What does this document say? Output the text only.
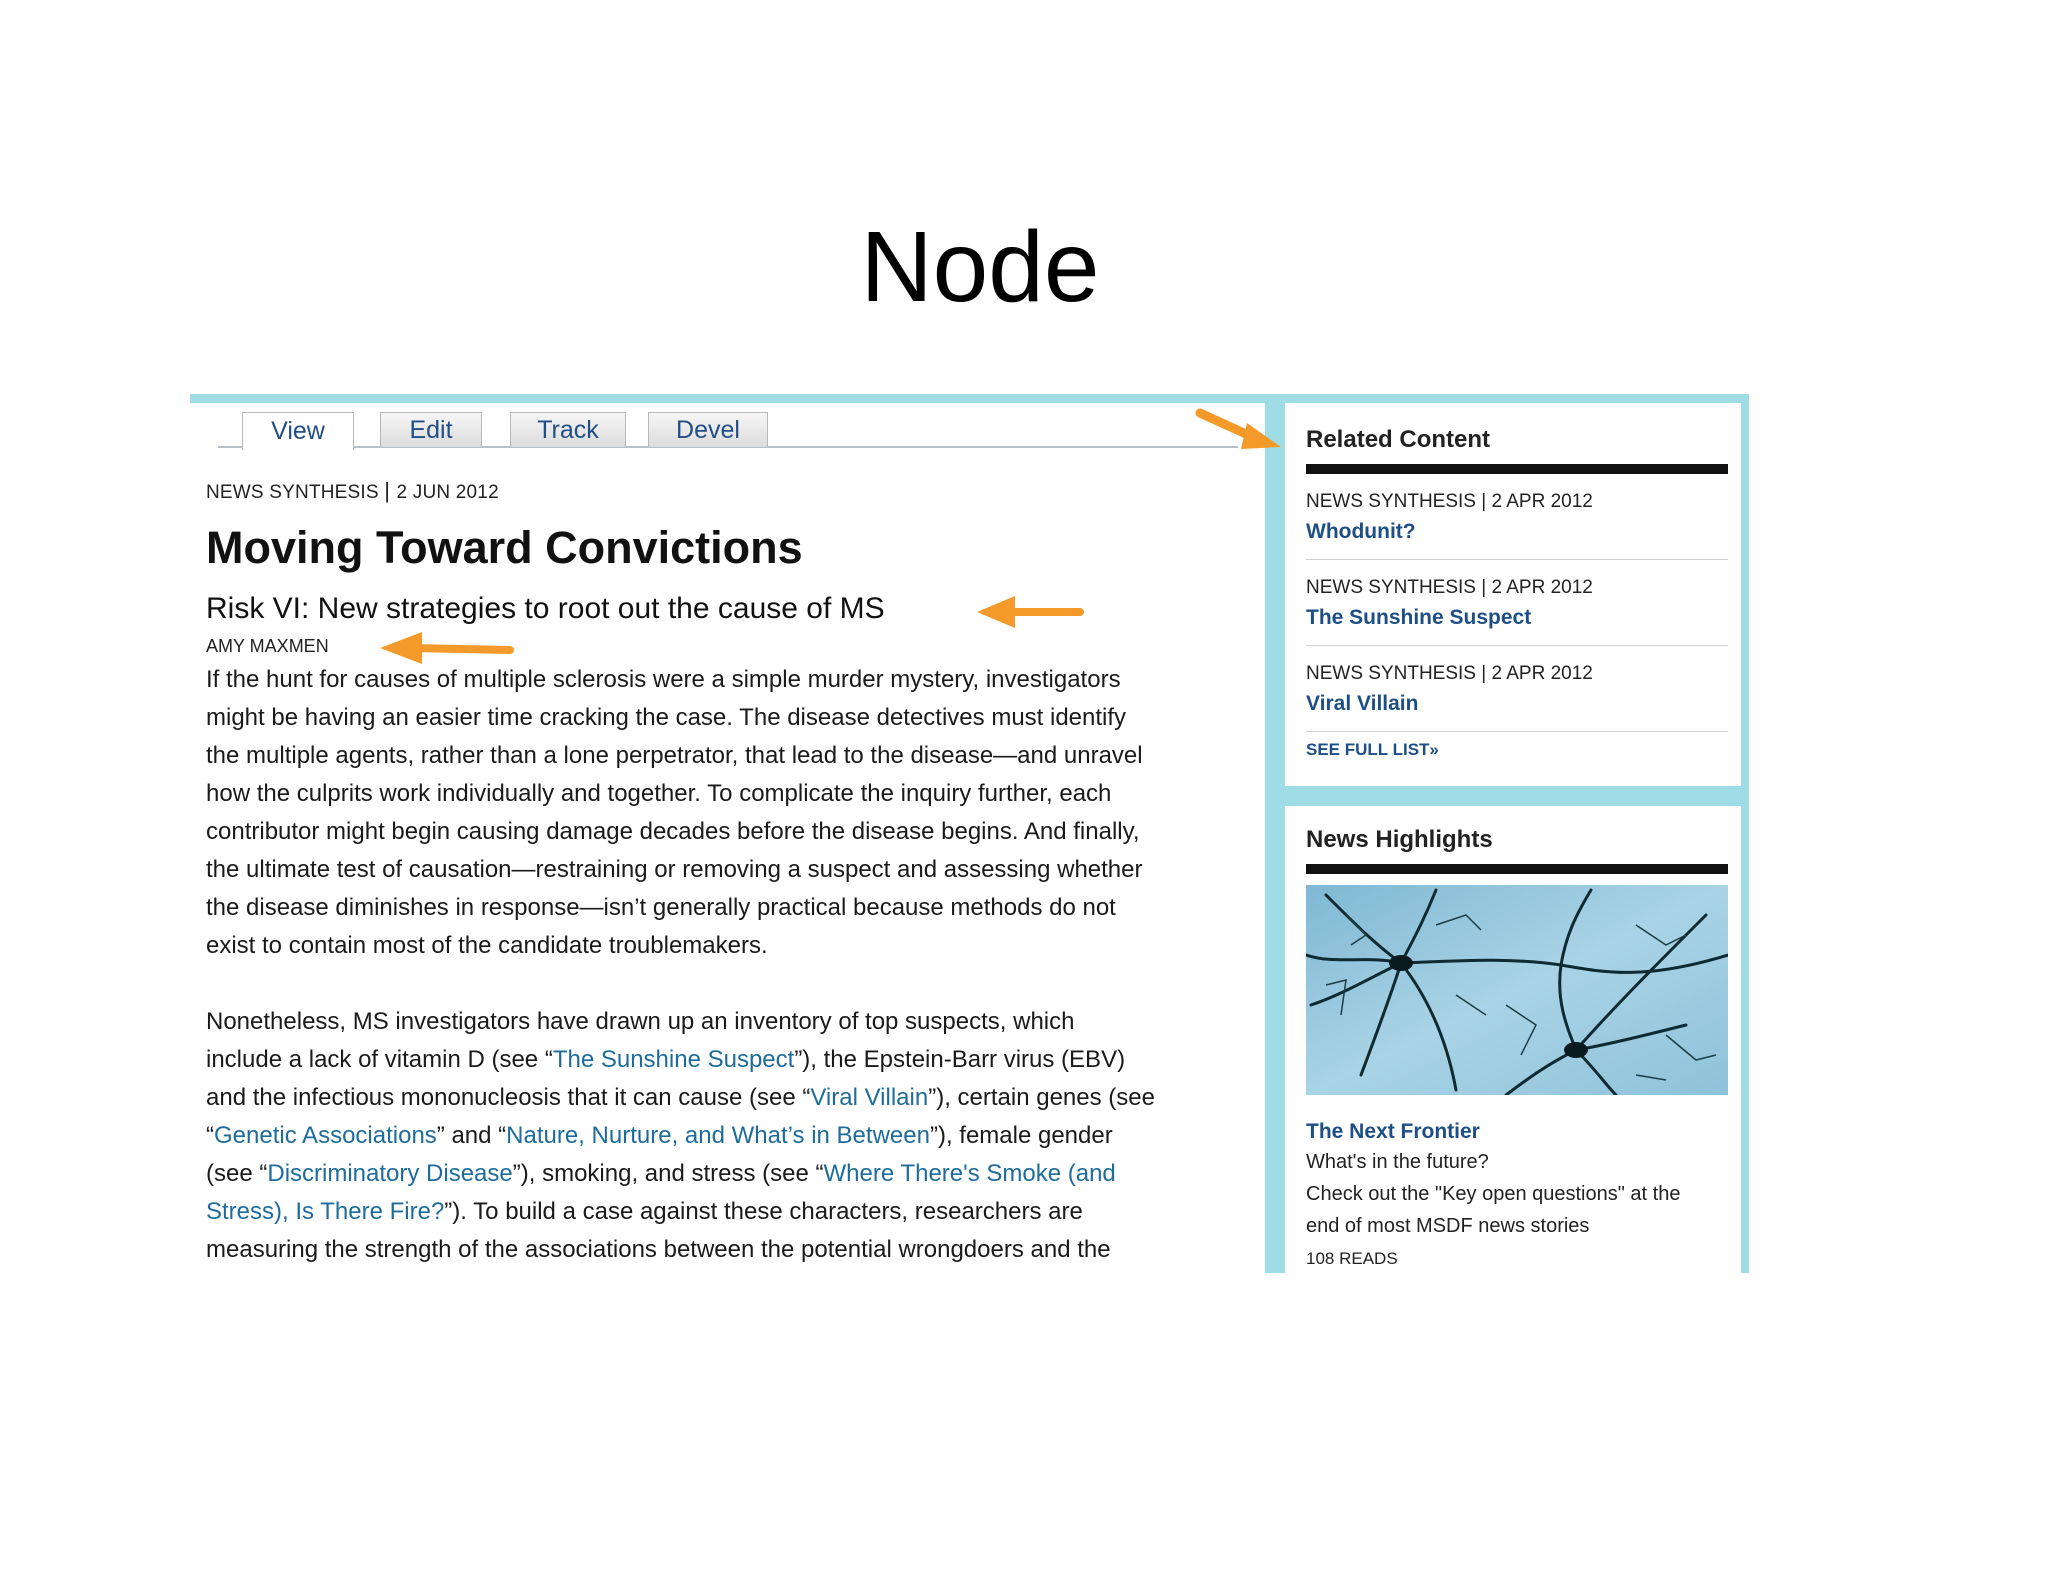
Node
View	Edit	Track	Devel
NEWS SYNTHESIS | 2 JUN 2012
Moving Toward Convictions
Risk VI: New strategies to root out the cause of MS
AMY MAXMEN
If the hunt for causes of multiple sclerosis were a simple murder mystery, investigators
might be having an easier time cracking the case. The disease detectives must identify
the multiple agents, rather than a lone perpetrator, that lead to the disease—and unravel
how the culprits work individually and together. To complicate the inquiry further, each
contributor might begin causing damage decades before the disease begins. And finally,
the ultimate test of causation—restraining or removing a suspect and assessing whether
the disease diminishes in response—isn’t generally practical because methods do not
exist to contain most of the candidate troublemakers.
Nonetheless, MS investigators have drawn up an inventory of top suspects, which
include a lack of vitamin D (see “The Sunshine Suspect”), the Epstein-Barr virus (EBV)
and the infectious mononucleosis that it can cause (see “Viral Villain”), certain genes (see
“Genetic Associations” and “Nature, Nurture, and What’s in Between”), female gender
(see “Discriminatory Disease”), smoking, and stress (see “Where There's Smoke (and
Stress), Is There Fire?”). To build a case against these characters, researchers are
measuring the strength of the associations between the potential wrongdoers and the
Related Content
NEWS SYNTHESIS | 2 APR 2012
Whodunit?
NEWS SYNTHESIS | 2 APR 2012
The Sunshine Suspect
NEWS SYNTHESIS | 2 APR 2012
Viral Villain
SEE FULL LIST»
News Highlights
The Next Frontier
What's in the future?
Check out the "Key open questions" at the
end of most MSDF news stories
108 READS
